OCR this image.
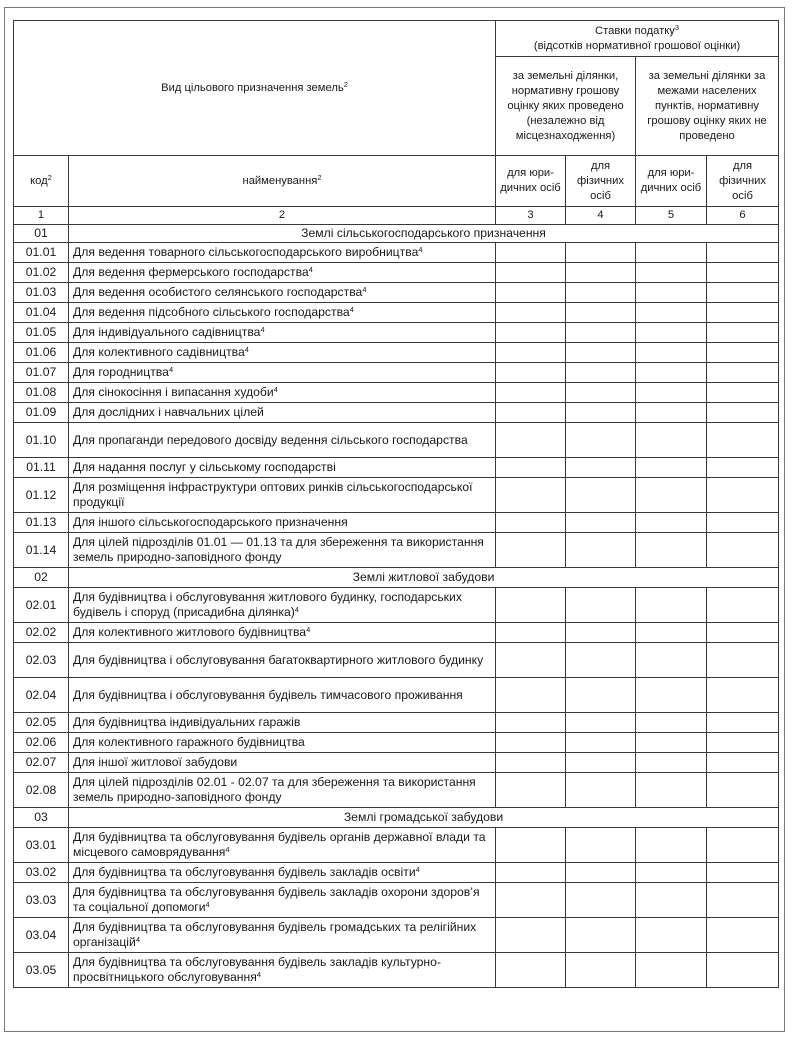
Вид цільового призначення земель$^2$		Ставки податку$^3$
(відсотків нормативної грошової оцінки)			
		за земельні ділянки, нормативну грошову оцінку яких проведено (незалежно від місцезнаходження)		за земельні ділянки за межами населених пунктів, нормативну грошову оцінку яких не проведено	
код$^2$	найменування$^2$	для юри-дичних осіб	для фізичних осіб	для юри-дичних осіб	для фізичних осіб
1	2	3	4	5	6
01	Землі сільськогосподарського призначення				
01.01	Для ведення товарного сільськогосподарського виробництва$^4$				
01.02	Для ведення фермерського господарства$^4$				
01.03	Для ведення особистого селянського господарства$^4$				
01.04	Для ведення підсобного сільського господарства$^4$				
01.05	Для індивідуального садівництва$^4$				
01.06	Для колективного садівництва$^4$				
01.07	Для городництва$^4$				
01.08	Для сінокосіння і випасання худоби$^4$				
01.09	Для дослідних і навчальних цілей				
01.10	Для пропаганди передового досвіду ведення сільського господарства				
01.11	Для надання послуг у сільському господарстві				
01.12	Для розміщення інфраструктури оптових ринків сільськогосподарської продукції				
01.13	Для іншого сільськогосподарського призначення				
01.14	Для цілей підрозділів 01.01 — 01.13 та для збереження та використання земель природно-заповідного фонду				
02	Землі житлової забудови				
02.01	Для будівництва і обслуговування житлового будинку, господарських будівель і споруд (присадибна ділянка)$^4$				
02.02	Для колективного житлового будівництва$^4$				
02.03	Для будівництва і обслуговування багатоквартирного житлового будинку				
02.04	Для будівництва і обслуговування будівель тимчасового проживання				
02.05	Для будівництва індивідуальних гаражів				
02.06	Для колективного гаражного будівництва				
02.07	Для іншої житлової забудови				
02.08	Для цілей підрозділів 02.01 - 02.07 та для збереження та використання земель природно-заповідного фонду				
03	Землі громадської забудови				
03.01	Для будівництва та обслуговування будівель органів державної влади та місцевого самоврядування$^4$				
03.02	Для будівництва та обслуговування будівель закладів освіти$^4$				
03.03	Для будівництва та обслуговування будівель закладів охорони здоров’я та соціальної допомоги$^4$				
03.04	Для будівництва та обслуговування будівель громадських та релігійних організацій$^4$				
03.05	Для будівництва та обслуговування будівель закладів культурно-просвітницького обслуговування$^4$				
